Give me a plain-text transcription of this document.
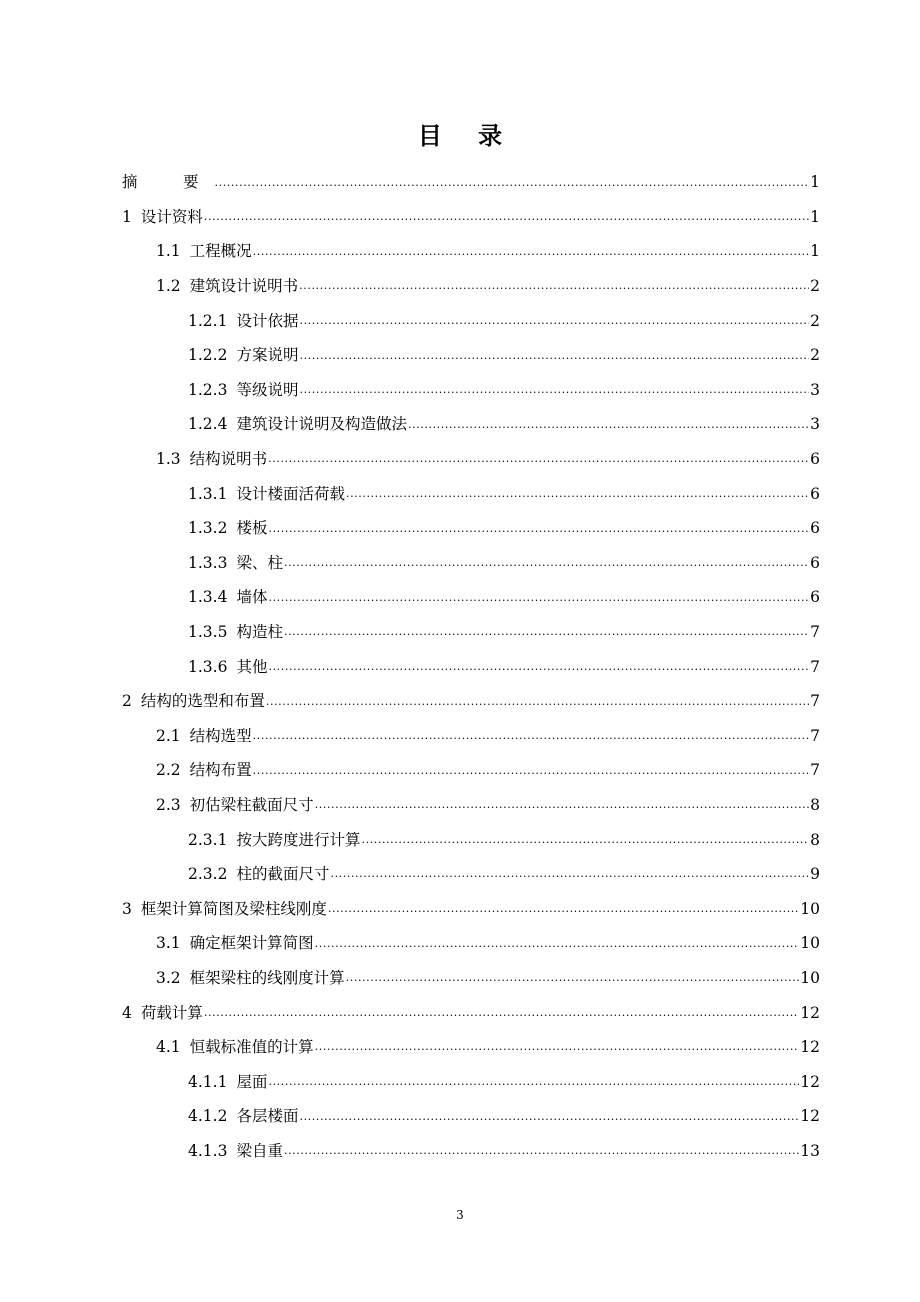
目 录
摘　要 .....	1
1 设计资料 .....	1
1.1 工程概况 .....	1
1.2 建筑设计说明书 .....	2
1.2.1 设计依据 .....	2
1.2.2 方案说明 .....	2
1.2.3 等级说明 .....	3
1.2.4 建筑设计说明及构造做法 .....	3
1.3 结构说明书 .....	6
1.3.1 设计楼面活荷载 .....	6
1.3.2 楼板 .....	6
1.3.3 梁、柱 .....	6
1.3.4 墙体 .....	6
1.3.5 构造柱 .....	7
1.3.6 其他 .....	7
2 结构的选型和布置 .....	7
2.1 结构选型 .....	7
2.2 结构布置 .....	7
2.3 初估梁柱截面尺寸 .....	8
2.3.1 按大跨度进行计算 .....	8
2.3.2 柱的截面尺寸 .....	9
3 框架计算简图及梁柱线刚度 .....	10
3.1 确定框架计算简图 .....	10
3.2 框架梁柱的线刚度计算 .....	10
4 荷载计算 .....	12
4.1 恒载标准值的计算 .....	12
4.1.1 屋面 .....	12
4.1.2 各层楼面 .....	12
4.1.3 梁自重 .....	13
3
